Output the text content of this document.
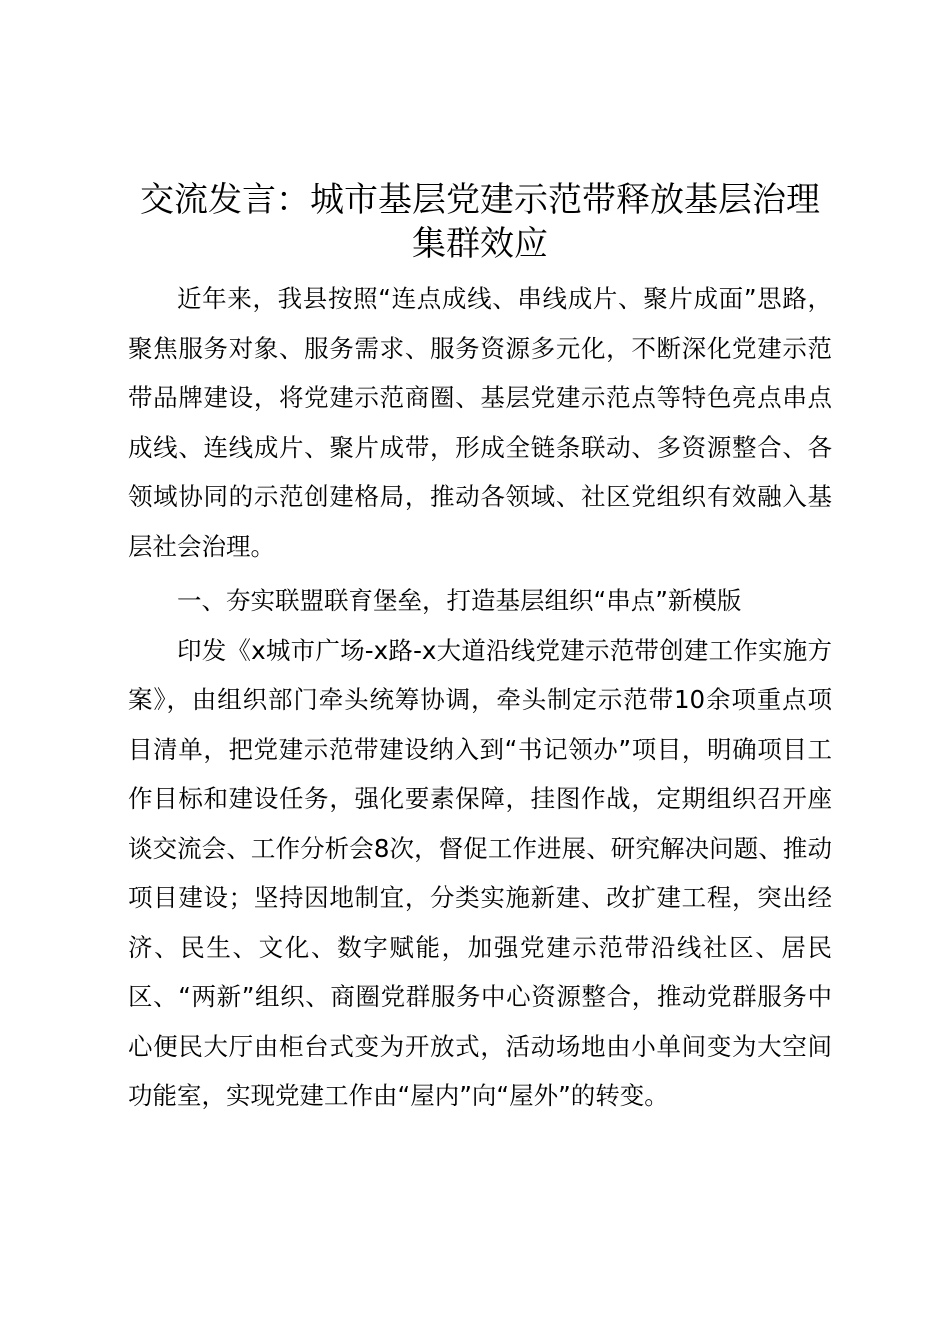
交流发言：城市基层党建示范带释放基层治理
集群效应

近年来，我县按照“连点成线、串线成片、聚片成面”思路，聚焦服务对象、服务需求、服务资源多元化，不断深化党建示范带品牌建设，将党建示范商圈、基层党建示范点等特色亮点串点成线、连线成片、聚片成带，形成全链条联动、多资源整合、各领域协同的示范创建格局，推动各领域、社区党组织有效融入基层社会治理。

一、夯实联盟联育堡垒，打造基层组织“串点”新模版

印发《x城市广场-x路-x大道沿线党建示范带创建工作实施方案》，由组织部门牵头统筹协调，牵头制定示范带10余项重点项目清单，把党建示范带建设纳入到“书记领办”项目，明确项目工作目标和建设任务，强化要素保障，挂图作战，定期组织召开座谈交流会、工作分析会8次，督促工作进展、研究解决问题、推动项目建设；坚持因地制宜，分类实施新建、改扩建工程，突出经济、民生、文化、数字赋能，加强党建示范带沿线社区、居民区、“两新”组织、商圈党群服务中心资源整合，推动党群服务中心便民大厅由柜台式变为开放式，活动场地由小单间变为大空间功能室，实现党建工作由“屋内”向“屋外”的转变。
